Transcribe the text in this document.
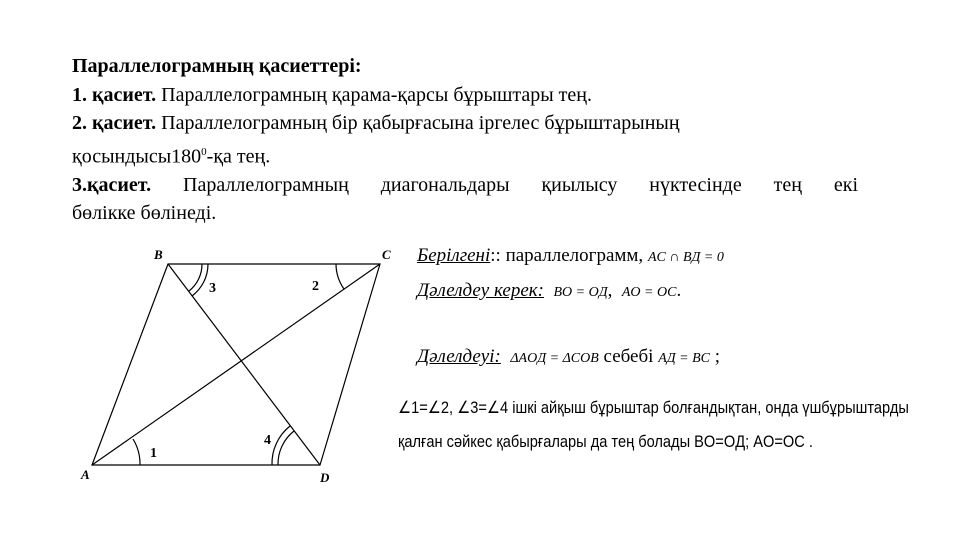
Параллелограмның қасиеттері:

1. қасиет. Параллелограмның қарама-қарсы бұрыштары тең.

2. қасиет. Параллелограмның бір қабырғасына іргелес бұрыштарының

$қосындысы180^0-қа$ тең.

3.қасиет. Параллелограмның диагональдары қиылысу нүктесінде тең екі

бөлікке бөлінеді.

B	C
A	D
1
2
3
4
Берілгені:: параллелограмм, AC ∩ BД = 0
Дәлелдеу керек: BO = OД, AO = OC.
Дәлелдеуі: ΔAOД = ΔCOB себебі AД = BC ;
∠1=∠2, ∠3=∠4 ішкі айқыш бұрыштар болғандықтан, онда үшбұрыштарды
қалған сәйкес қабырғалары да тең болады BO=OД; AO=OC .
